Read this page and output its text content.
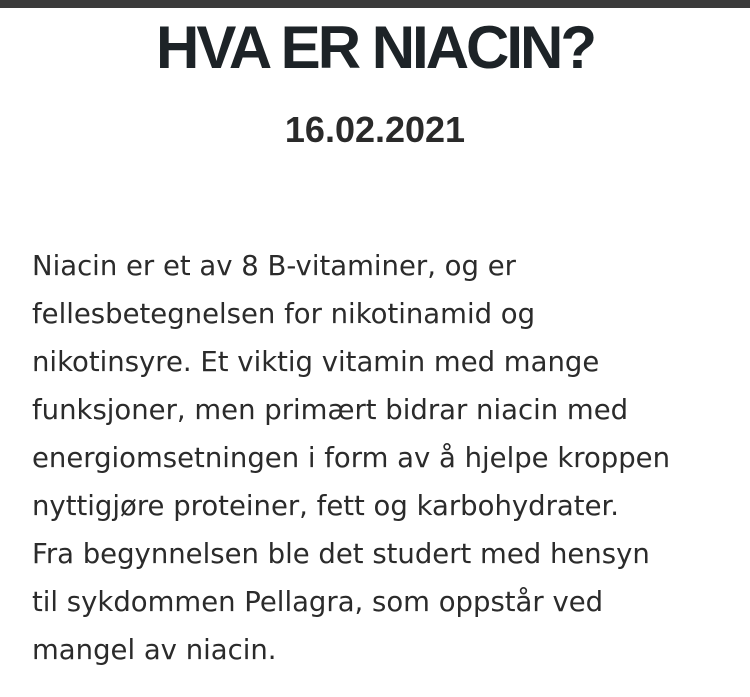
HVA ER NIACIN?
16.02.2021

Niacin er et av 8 B-vitaminer, og er
fellesbetegnelsen for nikotinamid og
nikotinsyre. Et viktig vitamin med mange
funksjoner, men primært bidrar niacin med
energiomsetningen i form av å hjelpe kroppen
nyttigjøre proteiner, fett og karbohydrater.
Fra begynnelsen ble det studert med hensyn
til sykdommen Pellagra, som oppstår ved
mangel av niacin.
